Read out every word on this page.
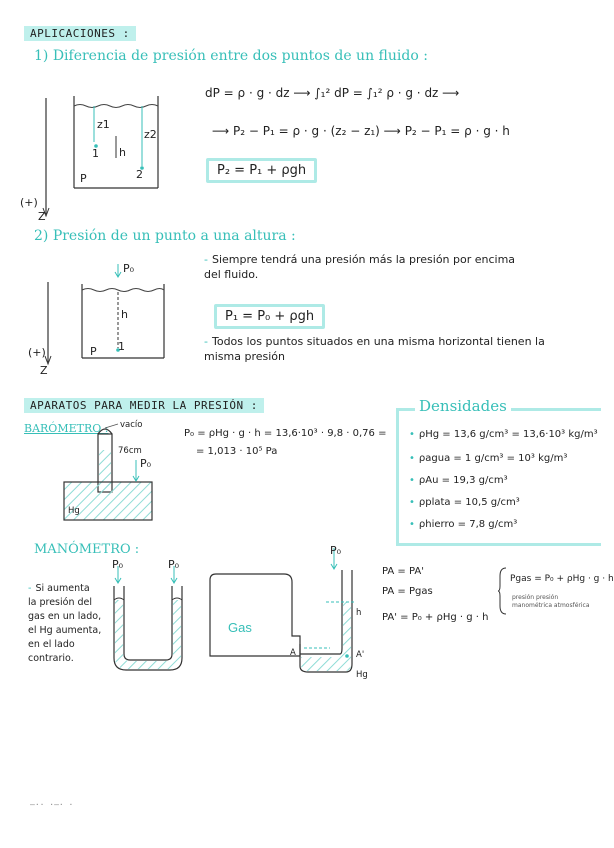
APLICACIONES :
1) Diferencia de presión entre dos puntos de un fluido :
z1
z2
h
1
2
P
(+)
Z
dP = ρ · g · dz ⟶ ∫₁² dP = ∫₁² ρ · g · dz ⟶
⟶ P₂ − P₁ = ρ · g · (z₂ − z₁) ⟶ P₂ − P₁ = ρ · g · h
P₂ = P₁ + ρgh
2) Presión de un punto a una altura :
P₀
h
1
P
(+)
Z
- Siempre tendrá una presión más la presión por encima del fluido.
P₁ = P₀ + ρgh
- Todos los puntos situados en una misma horizontal tienen la misma presión
APARATOS PARA MEDIR LA PRESIÓN :
BARÓMETRO : vacío
76cm
P₀
Hg
P₀ = ρHg · g · h = 13,6·10³ · 9,8 · 0,76 =
= 1,013 · 10⁵ Pa
Densidades
• ρHg = 13,6 g/cm³ = 13,6·10³ kg/m³
• ρagua = 1 g/cm³ = 10³ kg/m³
• ρAu = 19,3 g/cm³
• ρplata = 10,5 g/cm³
• ρhierro = 7,8 g/cm³
MANÓMETRO :
- Si aumenta
la presión del
gas en un lado,
el Hg aumenta,
en el lado
contrario.
P₀	P₀
Gas
P₀
h
A	A'
Hg
PA = PA'
PA = Pgas
PA' = P₀ + ρHg · g · h
Pgas = P₀ + ρHg · g · h
presión presión
manométrica atmosférica
—·· ·–· ·
